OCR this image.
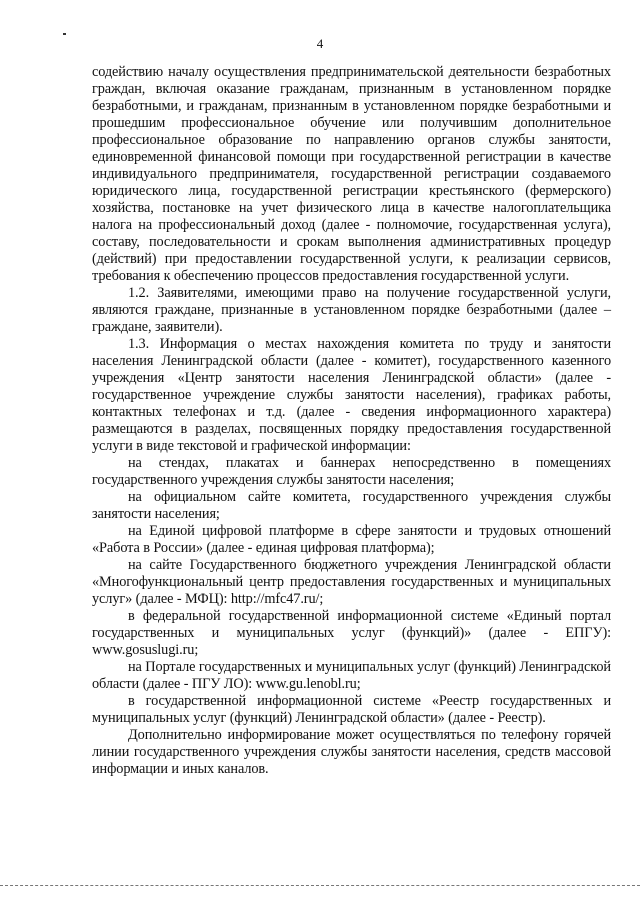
4

содействию началу осуществления предпринимательской деятельности безработных граждан, включая оказание гражданам, признанным в установленном порядке безработными, и гражданам, признанным в установленном порядке безработными и прошедшим профессиональное обучение или получившим дополнительное профессиональное образование по направлению органов службы занятости, единовременной финансовой помощи при государственной регистрации в качестве индивидуального предпринимателя, государственной регистрации создаваемого юридического лица, государственной регистрации крестьянского (фермерского) хозяйства, постановке на учет физического лица в качестве налогоплательщика налога на профессиональный доход (далее - полномочие, государственная услуга), составу, последовательности и срокам выполнения административных процедур (действий) при предоставлении государственной услуги, к реализации сервисов, требования к обеспечению процессов предоставления государственной услуги.

1.2. Заявителями, имеющими право на получение государственной услуги, являются граждане, признанные в установленном порядке безработными (далее – граждане, заявители).

1.3. Информация о местах нахождения комитета по труду и занятости населения Ленинградской области (далее - комитет), государственного казенного учреждения «Центр занятости населения Ленинградской области» (далее - государственное учреждение службы занятости населения), графиках работы, контактных телефонах и т.д. (далее - сведения информационного характера) размещаются в разделах, посвященных порядку предоставления государственной услуги в виде текстовой и графической информации:

на стендах, плакатах и баннерах непосредственно в помещениях государственного учреждения службы занятости населения;

на официальном сайте комитета, государственного учреждения службы занятости населения;

на Единой цифровой платформе в сфере занятости и трудовых отношений «Работа в России» (далее - единая цифровая платформа);

на сайте Государственного бюджетного учреждения Ленинградской области «Многофункциональный центр предоставления государственных и муниципальных услуг» (далее - МФЦ): http://mfc47.ru/;

в федеральной государственной информационной системе «Единый портал государственных и муниципальных услуг (функций)» (далее - ЕПГУ): www.gosuslugi.ru;

на Портале государственных и муниципальных услуг (функций) Ленинградской области (далее - ПГУ ЛО): www.gu.lenobl.ru;

в государственной информационной системе «Реестр государственных и муниципальных услуг (функций) Ленинградской области» (далее - Реестр).

Дополнительно информирование может осуществляться по телефону горячей линии государственного учреждения службы занятости населения, средств массовой информации и иных каналов.
